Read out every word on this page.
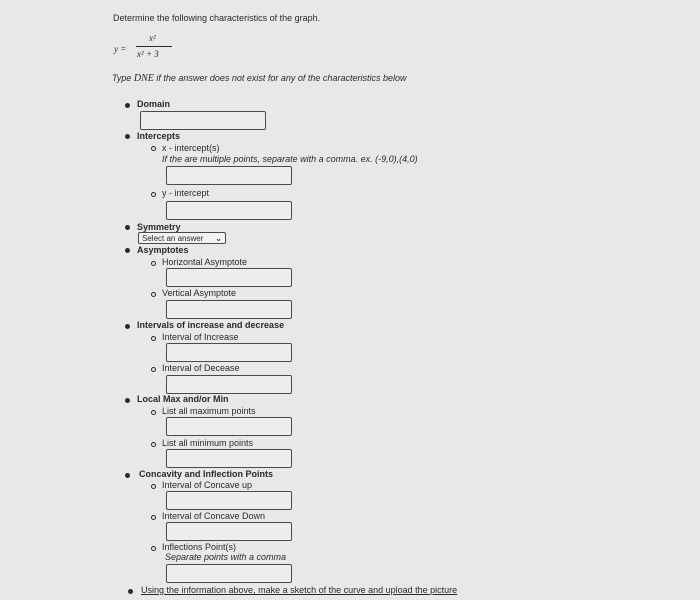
Determine the following characteristics of the graph.
y =
x²
x² + 3
Type DNE if the answer does not exist for any of the characteristics below
Domain
Intercepts
x - intercept(s)
If the are multiple points, separate with a comma. ex. (-9,0),(4,0)
y - intercept
Symmetry
Select an answer ⌄
Asymptotes
Horizontal Asymptote
Vertical Asymptote
Intervals of increase and decrease
Interval of Increase
Interval of Decease
Local Max and/or Min
List all maximum points
List all minimum points
Concavity and Inflection Points
Interval of Concave up
Interval of Concave Down
Inflections Point(s)
Separate points with a comma
Using the information above, make a sketch of the curve and upload the picture
